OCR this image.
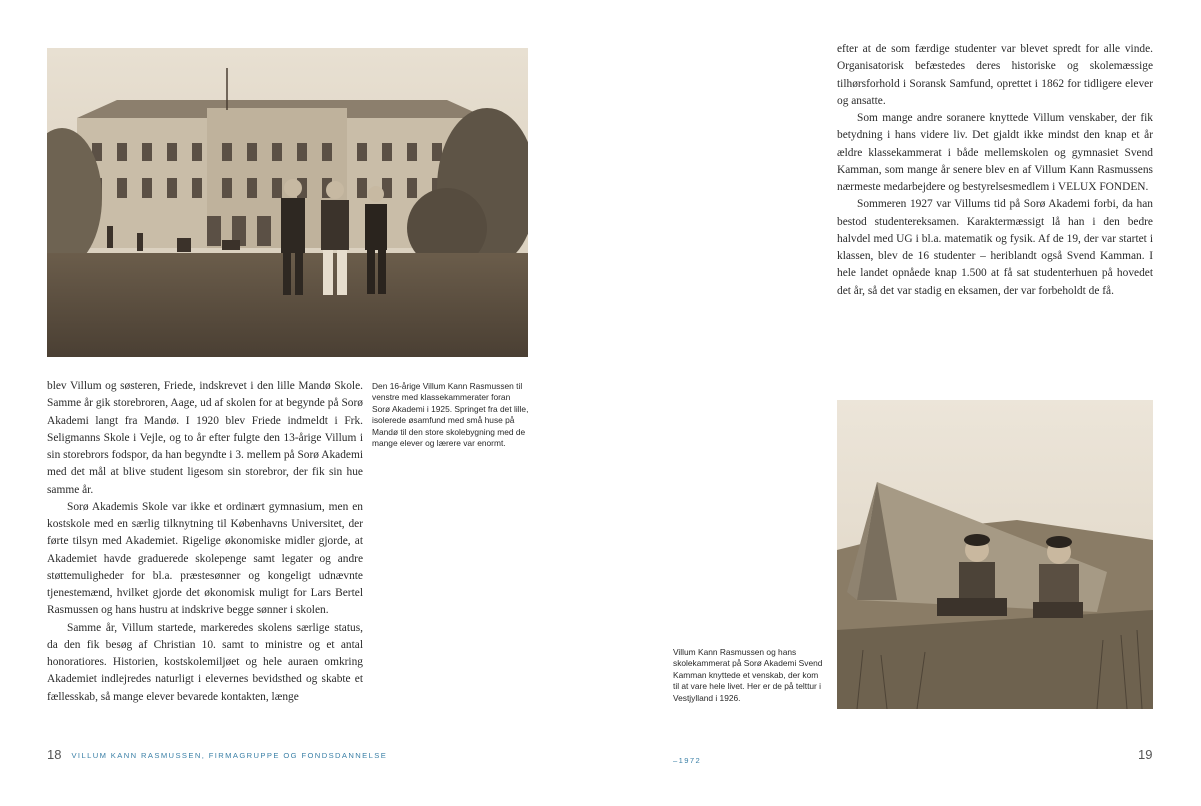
Den 16-årige Villum Kann Rasmussen til venstre med klassekammerater foran Sorø Akademi i 1925. Springet fra det lille, isolerede øsamfund med små huse på Mandø til den store skolebygning med de mange elever og lærere var enormt.

blev Villum og søsteren, Friede, indskrevet i den lille Mandø Skole. Samme år gik storebroren, Aage, ud af skolen for at begynde på Sorø Akademi langt fra Mandø. I 1920 blev Friede indmeldt i Frk. Seligmanns Skole i Vejle, og to år efter fulgte den 13-årige Villum i sin storebrors fodspor, da han begyndte i 3. mellem på Sorø Akademi med det mål at blive student ligesom sin storebror, der fik sin hue samme år.

Sorø Akademis Skole var ikke et ordinært gymnasium, men en kostskole med en særlig tilknytning til Københavns Universitet, der førte tilsyn med Akademiet. Rigelige økonomiske midler gjorde, at Akademiet havde graduerede skolepenge samt legater og andre støttemuligheder for bl.a. præstesønner og kongeligt udnævnte tjenestemænd, hvilket gjorde det økonomisk muligt for Lars Bertel Rasmussen og hans hustru at indskrive begge sønner i skolen.

Samme år, Villum startede, markeredes skolens særlige status, da den fik besøg af Christian 10. samt to ministre og et antal honoratiores. Historien, kostskolemiljøet og hele auraen omkring Akademiet indlejredes naturligt i elevernes bevidsthed og skabte et fællesskab, så mange elever bevarede kontakten, længe

18 VILLUM KANN RASMUSSEN, FIRMAGRUPPE OG FONDSDANNELSE

efter at de som færdige studenter var blevet spredt for alle vinde. Organisatorisk befæstedes deres historiske og skolemæssige tilhørsforhold i Soransk Samfund, oprettet i 1862 for tidligere elever og ansatte.

Som mange andre soranere knyttede Villum venskaber, der fik betydning i hans videre liv. Det gjaldt ikke mindst den knap et år ældre klassekammerat i både mellemskolen og gymnasiet Svend Kamman, som mange år senere blev en af Villum Kann Rasmussens nærmeste medarbejdere og bestyrelsesmedlem i VELUX FONDEN.

Sommeren 1927 var Villums tid på Sorø Akademi forbi, da han bestod studentereksamen. Karaktermæssigt lå han i den bedre halvdel med UG i bl.a. matematik og fysik. Af de 19, der var startet i klassen, blev de 16 studenter – heriblandt også Svend Kamman. I hele landet opnåede knap 1.500 at få sat studenterhuen på hovedet det år, så det var stadig en eksamen, der var forbeholdt de få.

Villum Kann Rasmussen og hans skolekammerat på Sorø Akademi Svend Kamman knyttede et venskab, der kom til at vare hele livet. Her er de på telttur i Vestjylland i 1926.

–1972	19
